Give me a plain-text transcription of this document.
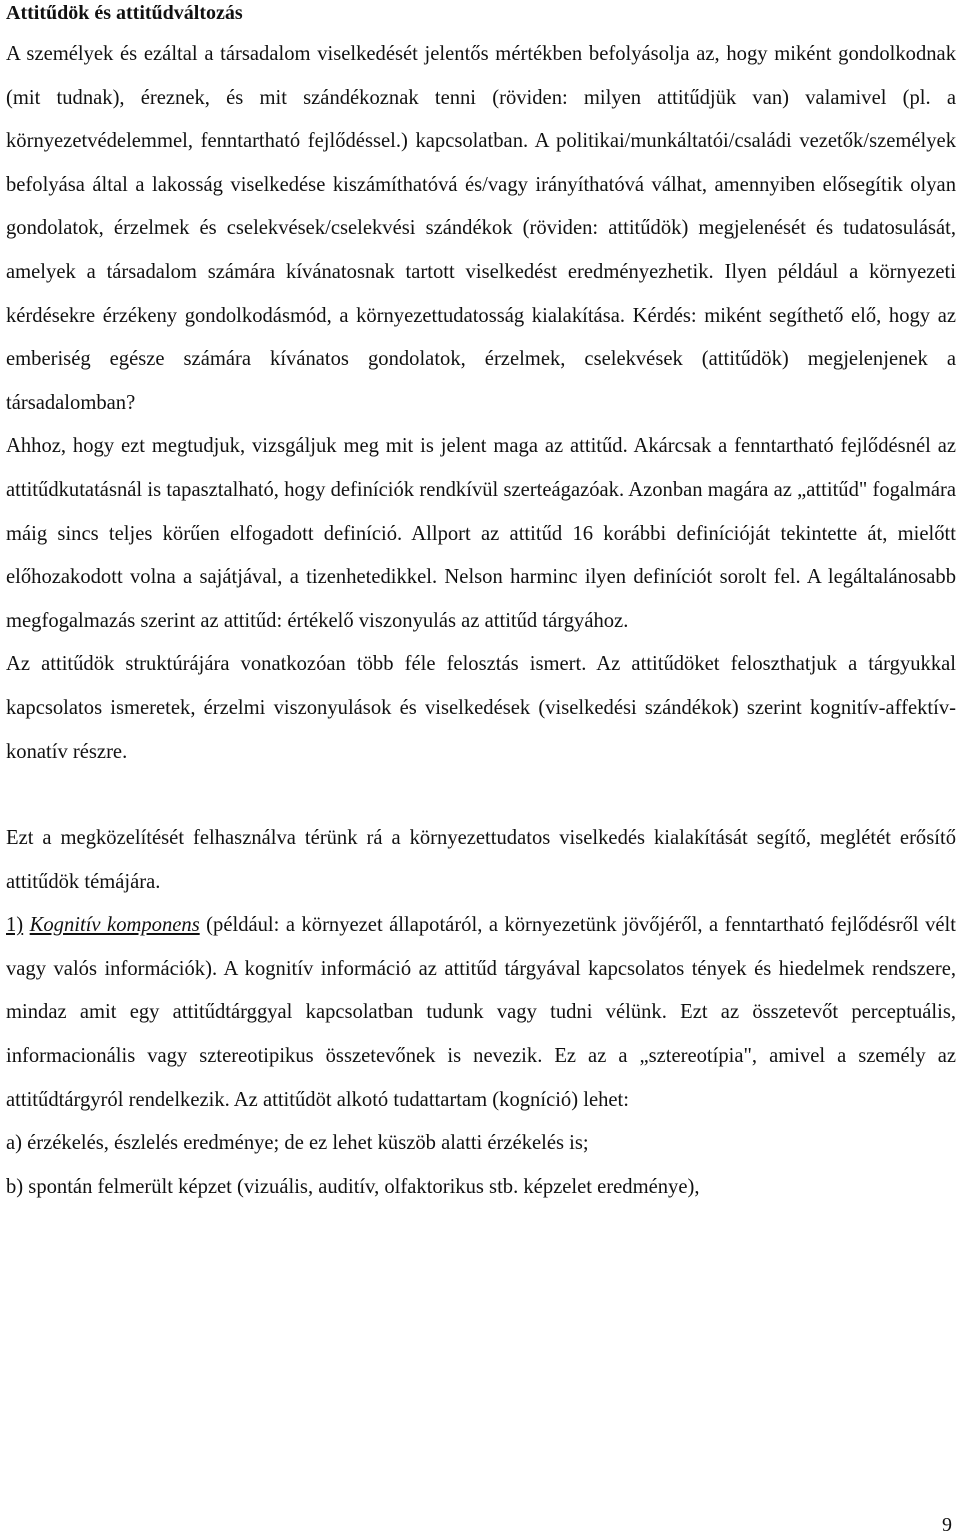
Attitűdök és attitűdváltozás

A személyek és ezáltal a társadalom viselkedését jelentős mértékben befolyásolja az, hogy miként gondolkodnak (mit tudnak), éreznek, és mit szándékoznak tenni (röviden: milyen attitűdjük van) valamivel (pl. a környezetvédelemmel, fenntartható fejlődéssel.) kapcsolatban. A politikai/munkáltatói/családi vezetők/személyek befolyása által a lakosság viselkedése kiszámíthatóvá és/vagy irányíthatóvá válhat, amennyiben elősegítik olyan gondolatok, érzelmek és cselekvések/cselekvési szándékok (röviden: attitűdök) megjelenését és tudatosulását, amelyek a társadalom számára kívánatosnak tartott viselkedést eredményezhetik. Ilyen például a környezeti kérdésekre érzékeny gondolkodásmód, a környezettudatosság kialakítása. Kérdés: miként segíthető elő, hogy az emberiség egésze számára kívánatos gondolatok, érzelmek, cselekvések (attitűdök) megjelenjenek a társadalomban?

Ahhoz, hogy ezt megtudjuk, vizsgáljuk meg mit is jelent maga az attitűd. Akárcsak a fenntartható fejlődésnél az attitűdkutatásnál is tapasztalható, hogy definíciók rendkívül szerteágazóak. Azonban magára az „attitűd" fogalmára máig sincs teljes körűen elfogadott definíció. Allport az attitűd 16 korábbi definícióját tekintette át, mielőtt előhozakodott volna a sajátjával, a tizenhetedikkel. Nelson harminc ilyen definíciót sorolt fel. A legáltalánosabb megfogalmazás szerint az attitűd: értékelő viszonyulás az attitűd tárgyához.

Az attitűdök struktúrájára vonatkozóan több féle felosztás ismert. Az attitűdöket feloszthatjuk a tárgyukkal kapcsolatos ismeretek, érzelmi viszonyulások és viselkedések (viselkedési szándékok) szerint kognitív-affektív-konatív részre.

Ezt a megközelítését felhasználva térünk rá a környezettudatos viselkedés kialakítását segítő, meglétét erősítő attitűdök témájára.

1) Kognitív komponens (például: a környezet állapotáról, a környezetünk jövőjéről, a fenntartható fejlődésről vélt vagy valós információk). A kognitív információ az attitűd tárgyával kapcsolatos tények és hiedelmek rendszere, mindaz amit egy attitűdtárggyal kapcsolatban tudunk vagy tudni vélünk. Ezt az összetevőt perceptuális, informacionális vagy sztereotipikus összetevőnek is nevezik. Ez az a „sztereotípia", amivel a személy az attitűdtárgyról rendelkezik. Az attitűdöt alkotó tudattartam (kogníció) lehet:

a) érzékelés, észlelés eredménye; de ez lehet küszöb alatti érzékelés is;

b) spontán felmerült képzet (vizuális, auditív, olfaktorikus stb. képzelet eredménye),

9
